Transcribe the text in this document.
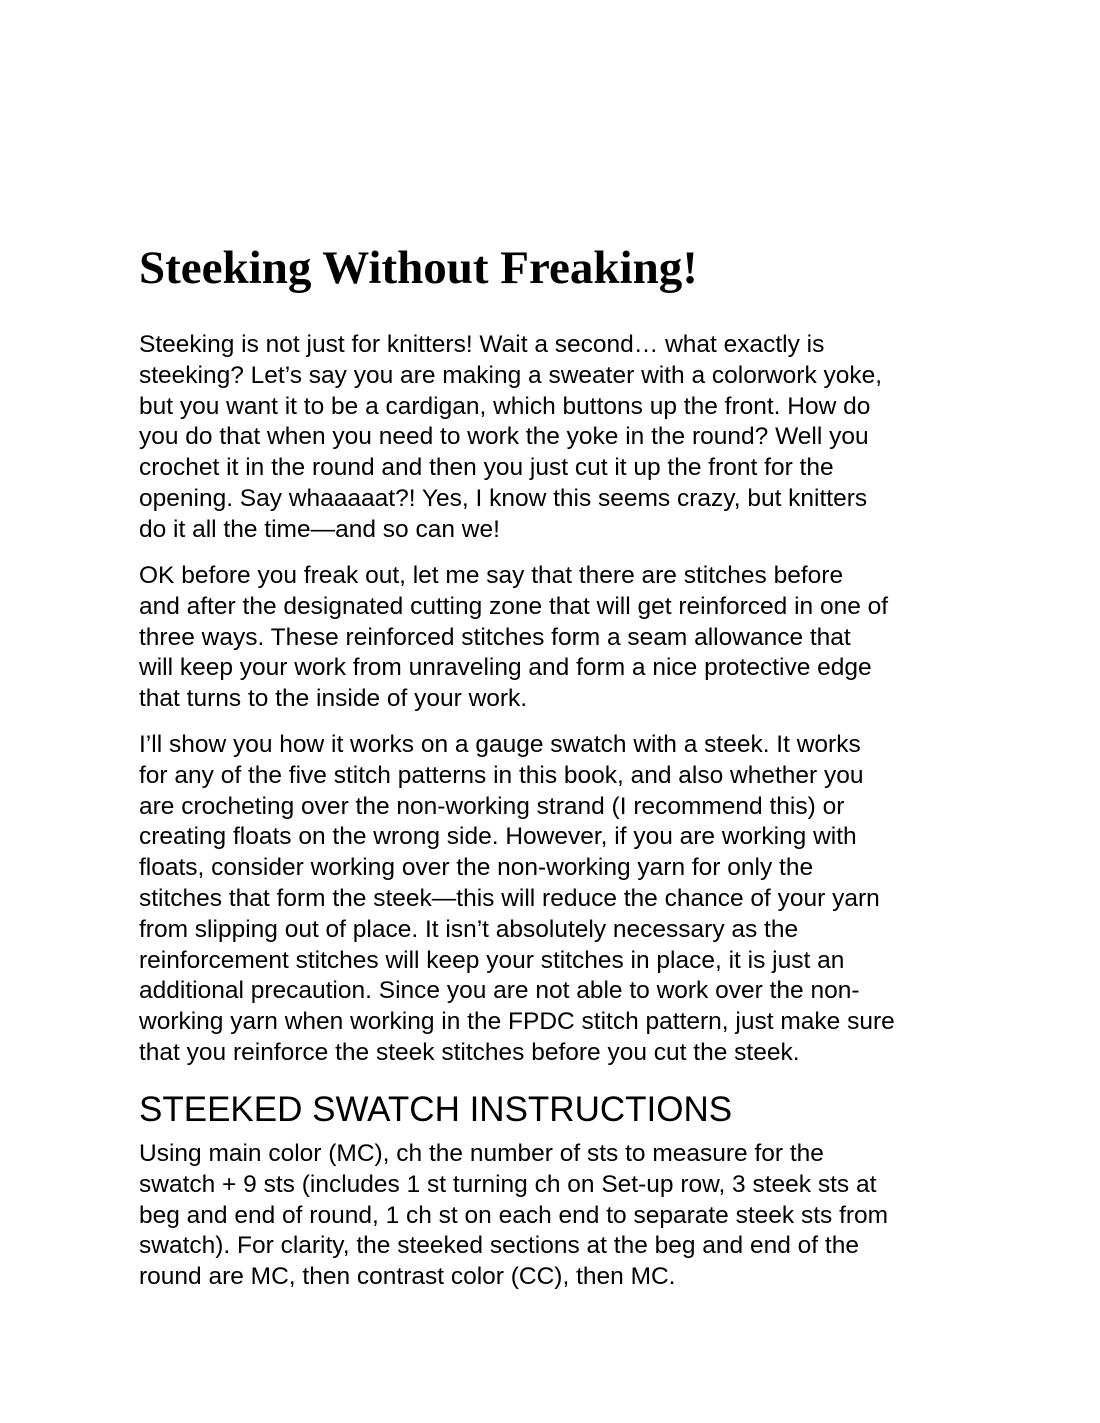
Steeking Without Freaking!

Steeking is not just for knitters! Wait a second… what exactly is
steeking? Let’s say you are making a sweater with a colorwork yoke,
but you want it to be a cardigan, which buttons up the front. How do
you do that when you need to work the yoke in the round? Well you
crochet it in the round and then you just cut it up the front for the
opening. Say whaaaaat?! Yes, I know this seems crazy, but knitters
do it all the time—and so can we!

OK before you freak out, let me say that there are stitches before
and after the designated cutting zone that will get reinforced in one of
three ways. These reinforced stitches form a seam allowance that
will keep your work from unraveling and form a nice protective edge
that turns to the inside of your work.

I’ll show you how it works on a gauge swatch with a steek. It works
for any of the five stitch patterns in this book, and also whether you
are crocheting over the non-working strand (I recommend this) or
creating floats on the wrong side. However, if you are working with
floats, consider working over the non-working yarn for only the
stitches that form the steek—this will reduce the chance of your yarn
from slipping out of place. It isn’t absolutely necessary as the
reinforcement stitches will keep your stitches in place, it is just an
additional precaution. Since you are not able to work over the non-
working yarn when working in the FPDC stitch pattern, just make sure
that you reinforce the steek stitches before you cut the steek.

STEEKED SWATCH INSTRUCTIONS

Using main color (MC), ch the number of sts to measure for the
swatch + 9 sts (includes 1 st turning ch on Set-up row, 3 steek sts at
beg and end of round, 1 ch st on each end to separate steek sts from
swatch). For clarity, the steeked sections at the beg and end of the
round are MC, then contrast color (CC), then MC.
